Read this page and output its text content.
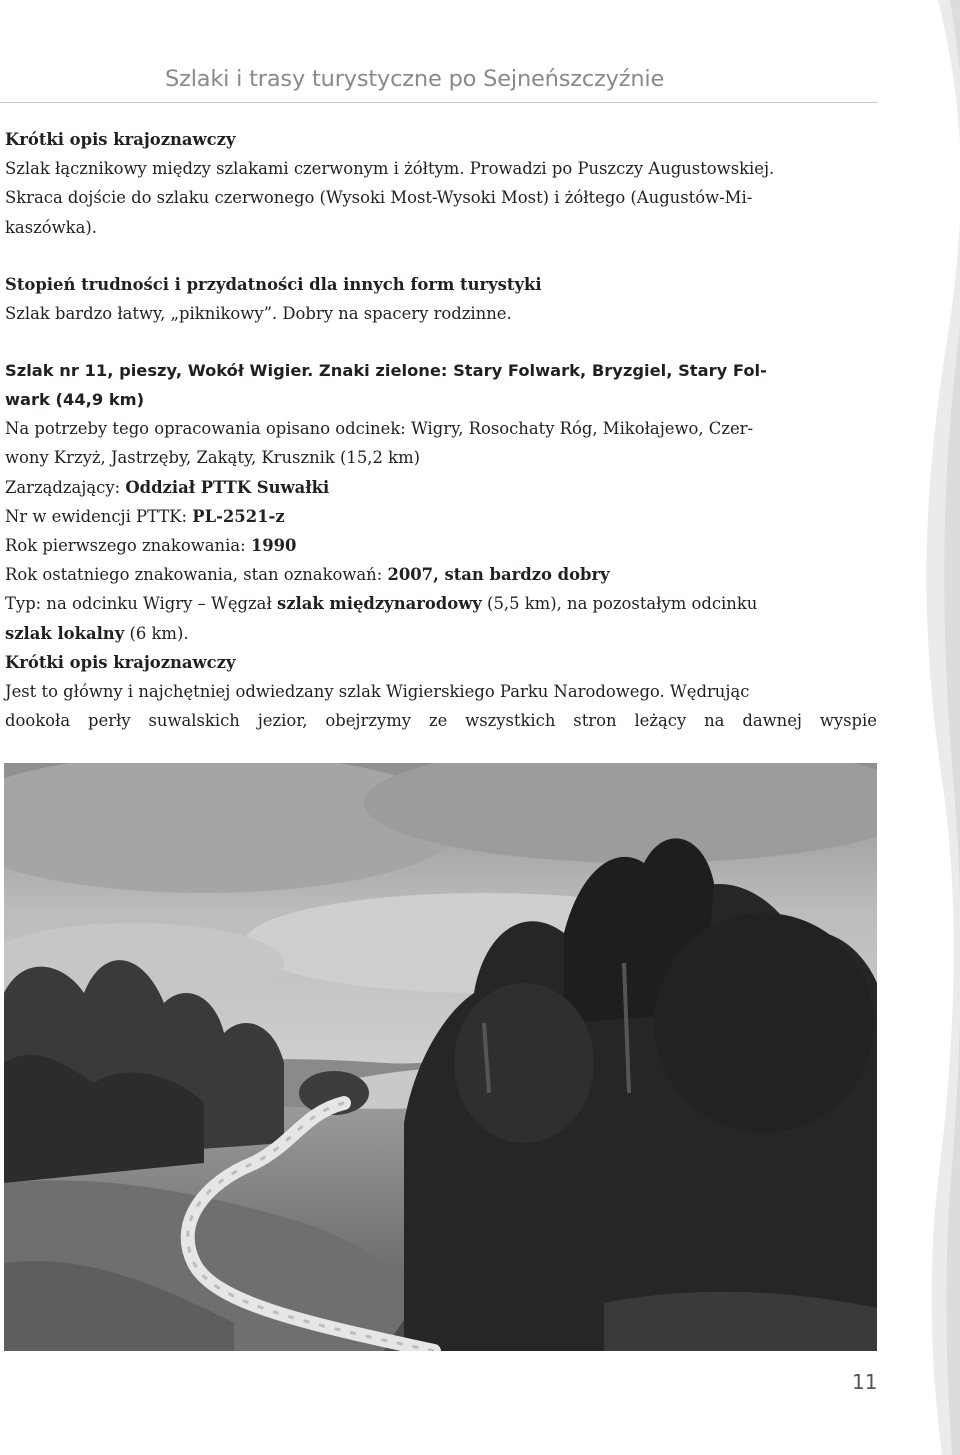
Szlaki i trasy turystyczne po Sejneńszczyźnie

Krótki opis krajoznawczy

Szlak łącznikowy między szlakami czerwonym i żółtym. Prowadzi po Puszczy Augustowskiej.

Skraca dojście do szlaku czerwonego (Wysoki Most-Wysoki Most) i żółtego (Augustów-Mi-

kaszówka).

Stopień trudności i przydatności dla innych form turystyki

Szlak bardzo łatwy, „piknikowy”. Dobry na spacery rodzinne.

Szlak nr 11, pieszy, Wokół Wigier. Znaki zielone: Stary Folwark, Bryzgiel, Stary Fol-

wark (44,9 km)

Na potrzeby tego opracowania opisano odcinek: Wigry, Rosochaty Róg, Mikołajewo, Czer-

wony Krzyż, Jastrzęby, Zakąty, Krusznik (15,2 km)

Zarządzający: Oddział PTTK Suwałki

Nr w ewidencji PTTK: PL-2521-z

Rok pierwszego znakowania: 1990

Rok ostatniego znakowania, stan oznakowań: 2007, stan bardzo dobry

Typ: na odcinku Wigry – Węgzał szlak międzynarodowy (5,5 km), na pozostałym odcinku

szlak lokalny (6 km).

Krótki opis krajoznawczy

Jest to główny i najchętniej odwiedzany szlak Wigierskiego Parku Narodowego. Wędrując

dookoła perły suwalskich jezior, obejrzymy ze wszystkich stron leżący na dawnej wyspie

11
